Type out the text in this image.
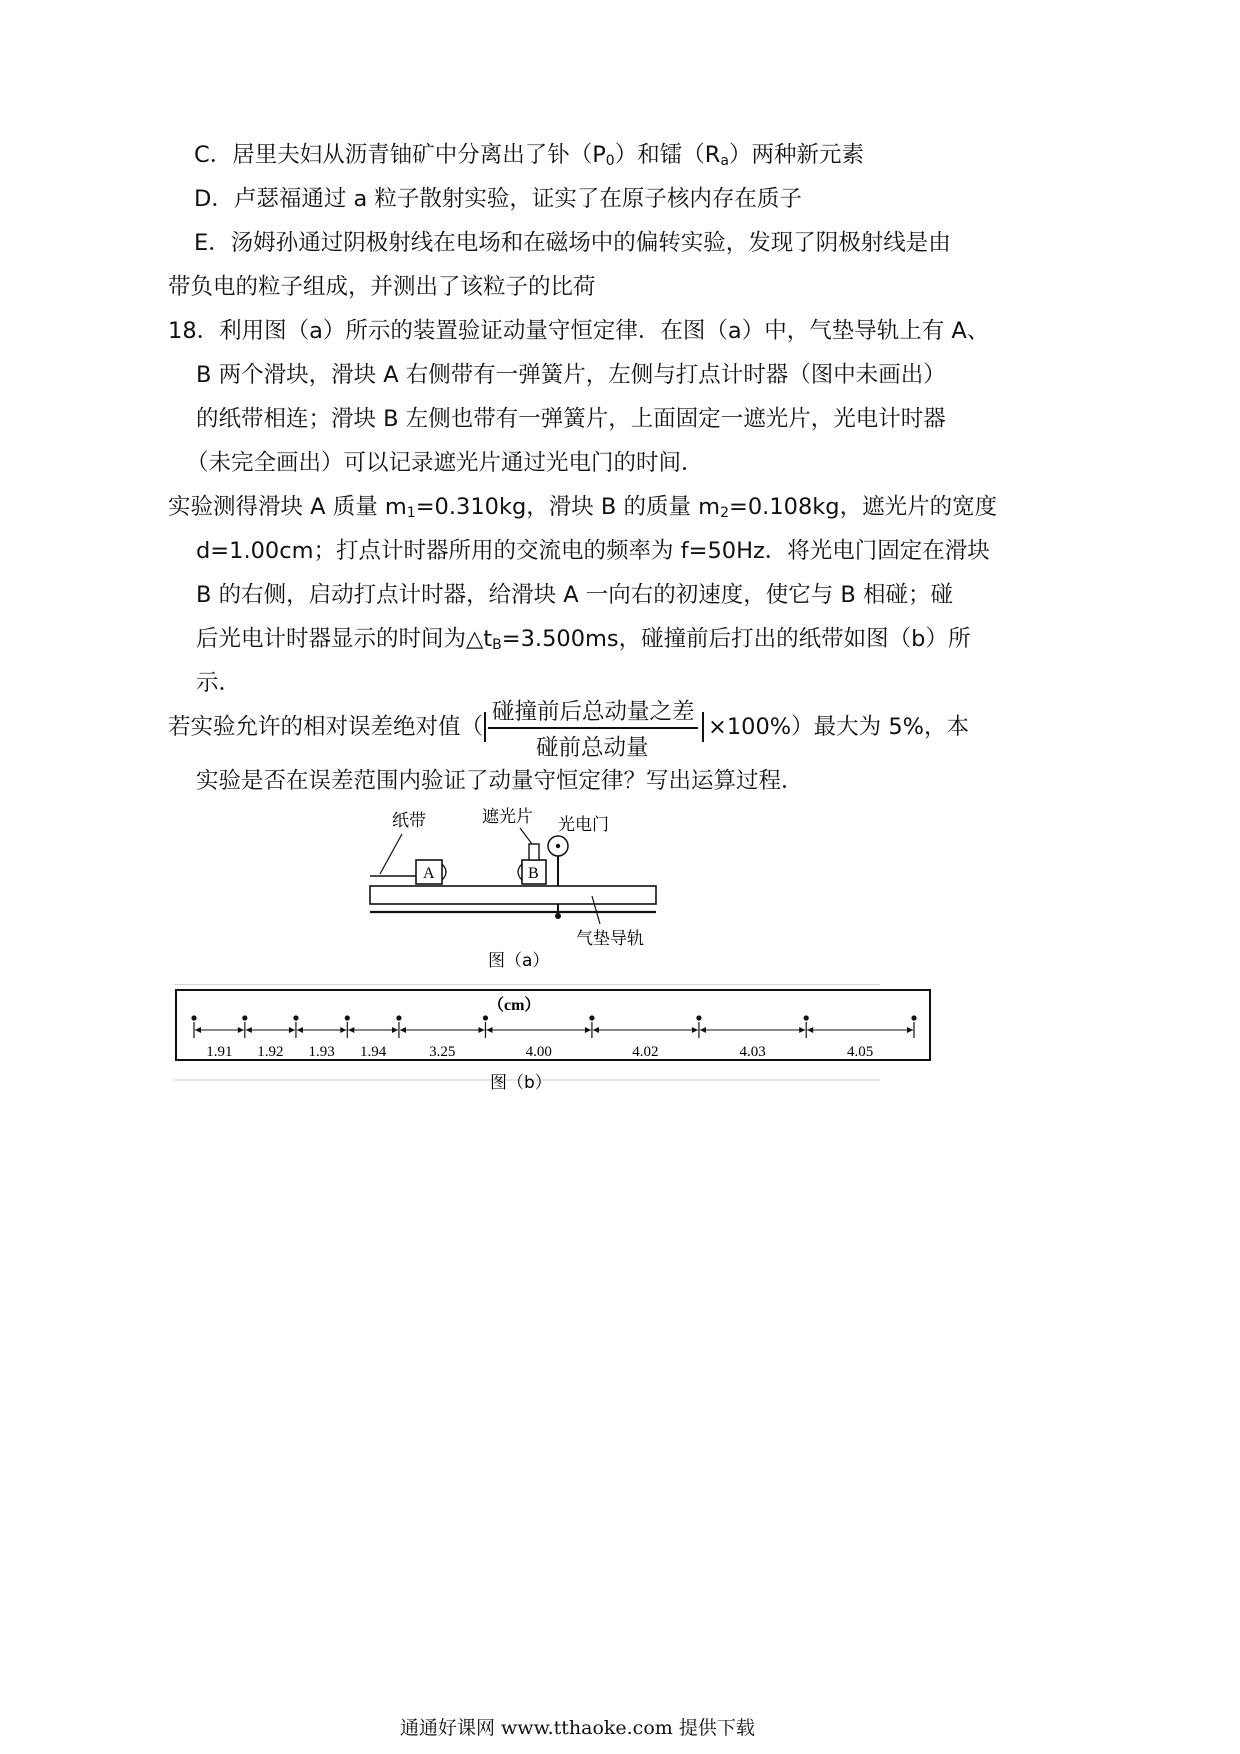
C．居里夫妇从沥青铀矿中分离出了钋$(P_0)$和镭$(R_a)$两种新元素
D．卢瑟福通过 a 粒子散射实验，证实了在原子核内存在质子
E．汤姆孙通过阴极射线在电场和在磁场中的偏转实验，发现了阴极射线是由
带负电的粒子组成，并测出了该粒子的比荷
18．利用图（a）所示的装置验证动量守恒定律．在图（a）中，气垫导轨上有 A、
B 两个滑块，滑块 A 右侧带有一弹簧片，左侧与打点计时器（图中未画出）
的纸带相连；滑块 B 左侧也带有一弹簧片，上面固定一遮光片，光电计时器
（未完全画出）可以记录遮光片通过光电门的时间．
实验测得滑块 A 质量 $m_1=0.310kg$，滑块 B 的质量 $m_2=0.108kg$，遮光片的宽度
d=1.00cm；打点计时器所用的交流电的频率为 f=50Hz．将光电门固定在滑块
B 的右侧，启动打点计时器，给滑块 A 一向右的初速度，使它与 B 相碰；碰
后光电计时器显示的时间为$\triangle t_B=3.500ms$，碰撞前后打出的纸带如图（b）所
示．
若实验允许的相对误差绝对值（
碰撞前后总动量之差
碰前总动量
×100%）最大为 5%，本
实验是否在误差范围内验证了动量守恒定律？写出运算过程．
纸带	遮光片 光电门
A	B
气垫导轨
图（a）
（cm）
1.91 1.92 1.93 1.94	3.25	4.00	4.02	4.03	4.05
图（b）
通通好课网 www.tthaoke.com 提供下载
